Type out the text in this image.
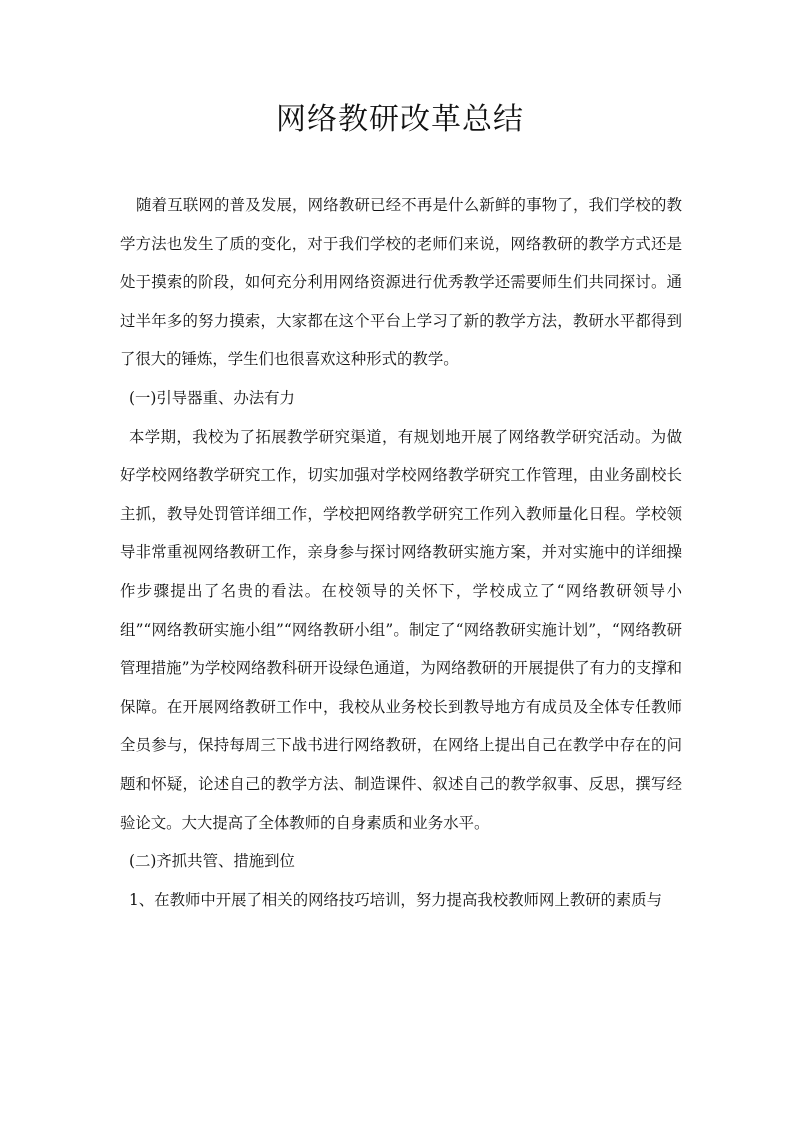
网络教研改革总结

随着互联网的普及发展，网络教研已经不再是什么新鲜的事物了，我们学校的教学方法也发生了质的变化，对于我们学校的老师们来说，网络教研的教学方式还是处于摸索的阶段，如何充分利用网络资源进行优秀教学还需要师生们共同探讨。通过半年多的努力摸索，大家都在这个平台上学习了新的教学方法，教研水平都得到了很大的锤炼，学生们也很喜欢这种形式的教学。

(一)引导器重、办法有力

本学期，我校为了拓展教学研究渠道，有规划地开展了网络教学研究活动。为做好学校网络教学研究工作，切实加强对学校网络教学研究工作管理，由业务副校长主抓，教导处罚管详细工作，学校把网络教学研究工作列入教师量化日程。学校领导非常重视网络教研工作，亲身参与探讨网络教研实施方案，并对实施中的详细操作步骤提出了名贵的看法。在校领导的关怀下，学校成立了“网络教研领导小组”“网络教研实施小组”“网络教研小组”。制定了“网络教研实施计划”，“网络教研管理措施”为学校网络教科研开设绿色通道，为网络教研的开展提供了有力的支撑和保障。在开展网络教研工作中，我校从业务校长到教导地方有成员及全体专任教师全员参与，保持每周三下战书进行网络教研，在网络上提出自己在教学中存在的问题和怀疑，论述自己的教学方法、制造课件、叙述自己的教学叙事、反思，撰写经验论文。大大提高了全体教师的自身素质和业务水平。

(二)齐抓共管、措施到位

1、在教师中开展了相关的网络技巧培训，努力提高我校教师网上教研的素质与
